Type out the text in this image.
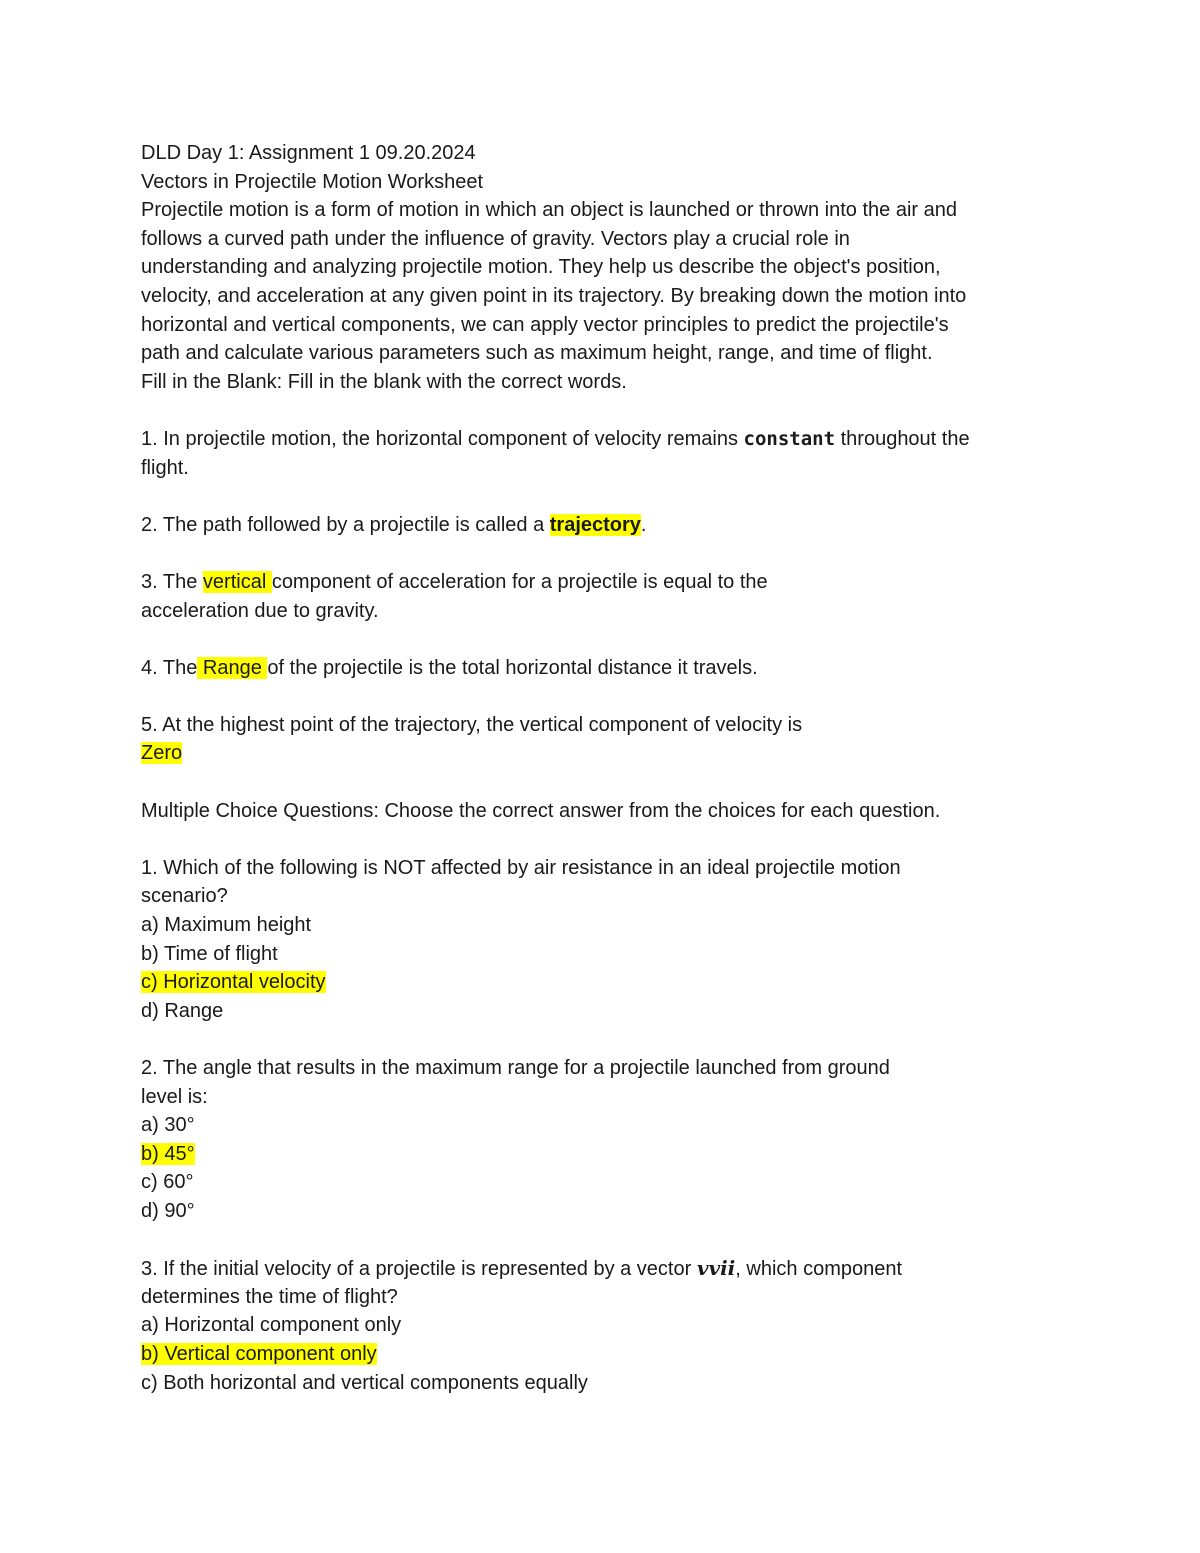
DLD Day 1: Assignment 1 09.20.2024
Vectors in Projectile Motion Worksheet
Projectile motion is a form of motion in which an object is launched or thrown into the air and
follows a curved path under the influence of gravity. Vectors play a crucial role in
understanding and analyzing projectile motion. They help us describe the object's position,
velocity, and acceleration at any given point in its trajectory. By breaking down the motion into
horizontal and vertical components, we can apply vector principles to predict the projectile's
path and calculate various parameters such as maximum height, range, and time of flight.
Fill in the Blank: Fill in the blank with the correct words.
1. In projectile motion, the horizontal component of velocity remains constant throughout the
flight.
2. The path followed by a projectile is called a trajectory.
3. The vertical component of acceleration for a projectile is equal to the
acceleration due to gravity.
4. The Range of the projectile is the total horizontal distance it travels.
5. At the highest point of the trajectory, the vertical component of velocity is
Zero
Multiple Choice Questions: Choose the correct answer from the choices for each question.
1. Which of the following is NOT affected by air resistance in an ideal projectile motion
scenario?
a) Maximum height
b) Time of flight
c) Horizontal velocity
d) Range
2. The angle that results in the maximum range for a projectile launched from ground
level is:
a) 30°
b) 45°
c) 60°
d) 90°
3. If the initial velocity of a projectile is represented by a vector vvii, which component
determines the time of flight?
a) Horizontal component only
b) Vertical component only
c) Both horizontal and vertical components equally
